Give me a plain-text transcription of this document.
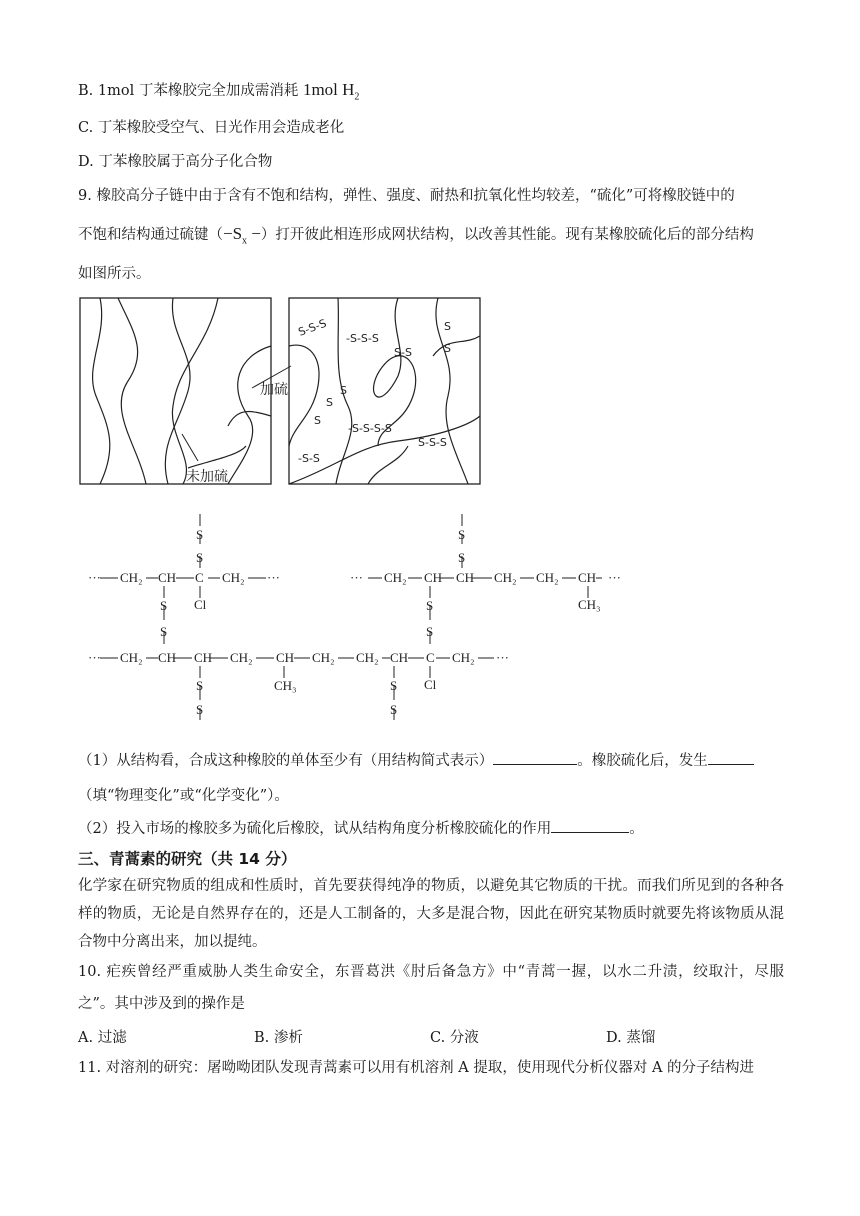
B. 1mol 丁苯橡胶完全加成需消耗 1mol $H_2$
C. 丁苯橡胶受空气、日光作用会造成老化
D. 丁苯橡胶属于高分子化合物
9. 橡胶高分子链中由于含有不饱和结构，弹性、强度、耐热和抗氧化性均较差，“硫化”可将橡胶链中的
不饱和结构通过硫键（$-S_x$ −）打开彼此相连形成网状结构，以改善其性能。现有某橡胶硫化后的部分结构
如图所示。
S-S-S -S-S-S
S-S
S
S
S
S
S
-S-S-S-S
S-S-S
-S-S
加硫
未加硫
··· CH₂ CH C CH₂ ···
S
S
S
S
Cl
··· CH₂ CH CH CH₂ CH₂ CH ···
S
S
S
S
CH₃
··· CH₂ CH CH CH₂ CH CH₂ CH₂ CH C CH₂ ···
S
S
CH₃	S
S
Cl
（1）从结构看，合成这种橡胶的单体至少有（用结构简式表示）	。橡胶硫化后，发生
（填“物理变化”或“化学变化”）。
（2）投入市场的橡胶多为硫化后橡胶，试从结构角度分析橡胶硫化的作用	。
三、青蒿素的研究（共 14 分）
化学家在研究物质的组成和性质时，首先要获得纯净的物质，以避免其它物质的干扰。而我们所见到的各种各样的物质，无论是自然界存在的，还是人工制备的，大多是混合物，因此在研究某物质时就要先将该物质从混合物中分离出来，加以提纯。
10. 疟疾曾经严重威胁人类生命安全，东晋葛洪《肘后备急方》中“青蒿一握，以水二升渍，绞取汁，尽服之”。其中涉及到的操作是
A. 过滤	B. 渗析	C. 分液	D. 蒸馏
11. 对溶剂的研究：屠呦呦团队发现青蒿素可以用有机溶剂 A 提取，使用现代分析仪器对 A 的分子结构进
